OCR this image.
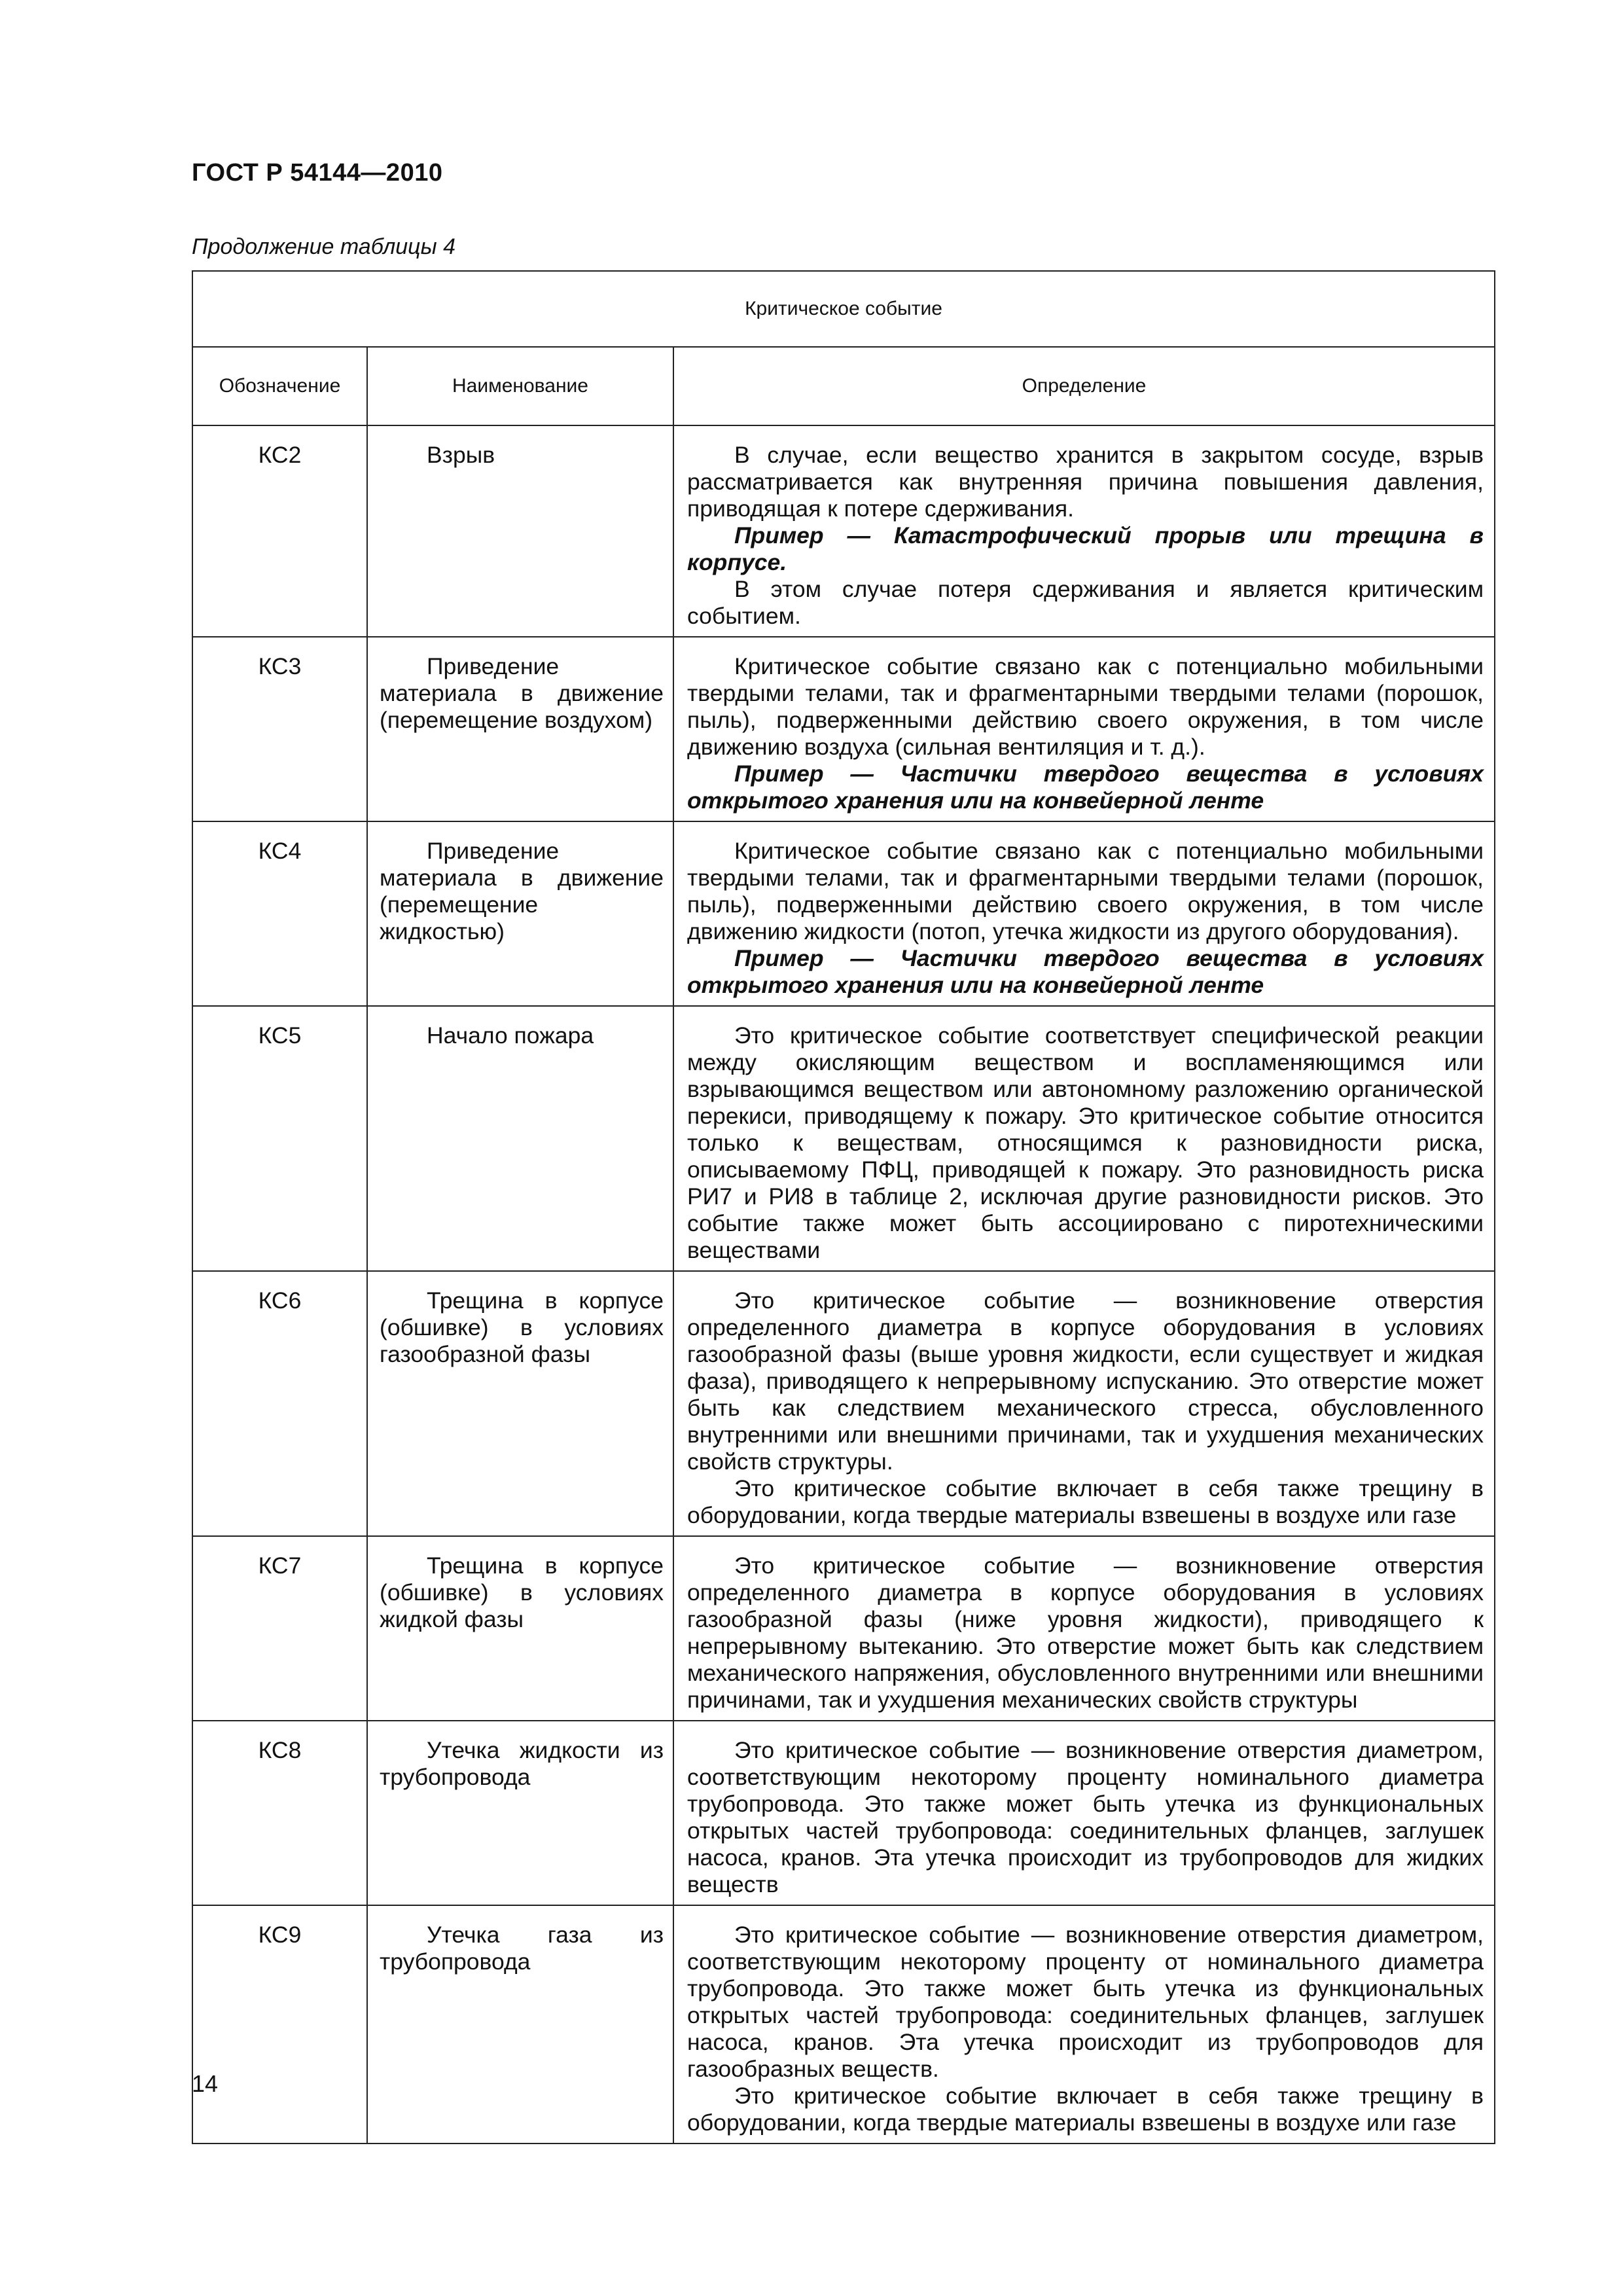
ГОСТ Р 54144—2010
Продолжение таблицы 4
Критическое событие		
Обозначение	Наименование	Определение
КС2	Взрыв	В случае, если вещество хранится в закрытом сосуде, взрыв рассматривается как внутренняя причина повышения давления, приводящая к потере сдерживания.

Пример — Катастрофический прорыв или трещина в корпусе.

В этом случае потеря сдерживания и является критическим событием.

КС3	Приведение материала в движение (перемещение воздухом)	Критическое событие связано как с потенциально мобильными твердыми телами, так и фрагментарными твердыми телами (порошок, пыль), подверженными действию своего окружения, в том числе движению воздуха (сильная вентиляция и т. д.).

Пример — Частички твердого вещества в условиях открытого хранения или на конвейерной ленте

КС4	Приведение материала в движение (перемещение жидкостью)	Критическое событие связано как с потенциально мобильными твердыми телами, так и фрагментарными твердыми телами (порошок, пыль), подверженными действию своего окружения, в том числе движению жидкости (потоп, утечка жидкости из другого оборудования).

Пример — Частички твердого вещества в условиях открытого хранения или на конвейерной ленте

КС5	Начало пожара	Это критическое событие соответствует специфической реакции между окисляющим веществом и воспламеняющимся или взрывающимся веществом или автономному разложению органической перекиси, приводящему к пожару. Это критическое событие относится только к веществам, относящимся к разновидности риска, описываемому ПФЦ, приводящей к пожару. Это разновидность риска РИ7 и РИ8 в таблице 2, исключая другие разновидности рисков. Это событие также может быть ассоциировано с пиротехническими веществами

КС6	Трещина в корпусе (обшивке) в условиях газообразной фазы	Это критическое событие — возникновение отверстия определенного диаметра в корпусе оборудования в условиях газообразной фазы (выше уровня жидкости, если существует и жидкая фаза), приводящего к непрерывному испусканию. Это отверстие может быть как следствием механического стресса, обусловленного внутренними или внешними причинами, так и ухудшения механических свойств структуры.

Это критическое событие включает в себя также трещину в оборудовании, когда твердые материалы взвешены в воздухе или газе

КС7	Трещина в корпусе (обшивке) в условиях жидкой фазы	Это критическое событие — возникновение отверстия определенного диаметра в корпусе оборудования в условиях газообразной фазы (ниже уровня жидкости), приводящего к непрерывному вытеканию. Это отверстие может быть как следствием механического напряжения, обусловленного внутренними или внешними причинами, так и ухудшения механических свойств структуры

КС8	Утечка жидкости из трубопровода	Это критическое событие — возникновение отверстия диаметром, соответствующим некоторому проценту номинального диаметра трубопровода. Это также может быть утечка из функциональных открытых частей трубопровода: соединительных фланцев, заглушек насоса, кранов. Эта утечка происходит из трубопроводов для жидких веществ

КС9	Утечка газа из трубопровода	Это критическое событие — возникновение отверстия диаметром, соответствующим некоторому проценту от номинального диаметра трубопровода. Это также может быть утечка из функциональных открытых частей трубопровода: соединительных фланцев, заглушек насоса, кранов. Эта утечка происходит из трубопроводов для газообразных веществ.

Это критическое событие включает в себя также трещину в оборудовании, когда твердые материалы взвешены в воздухе или газе

14
